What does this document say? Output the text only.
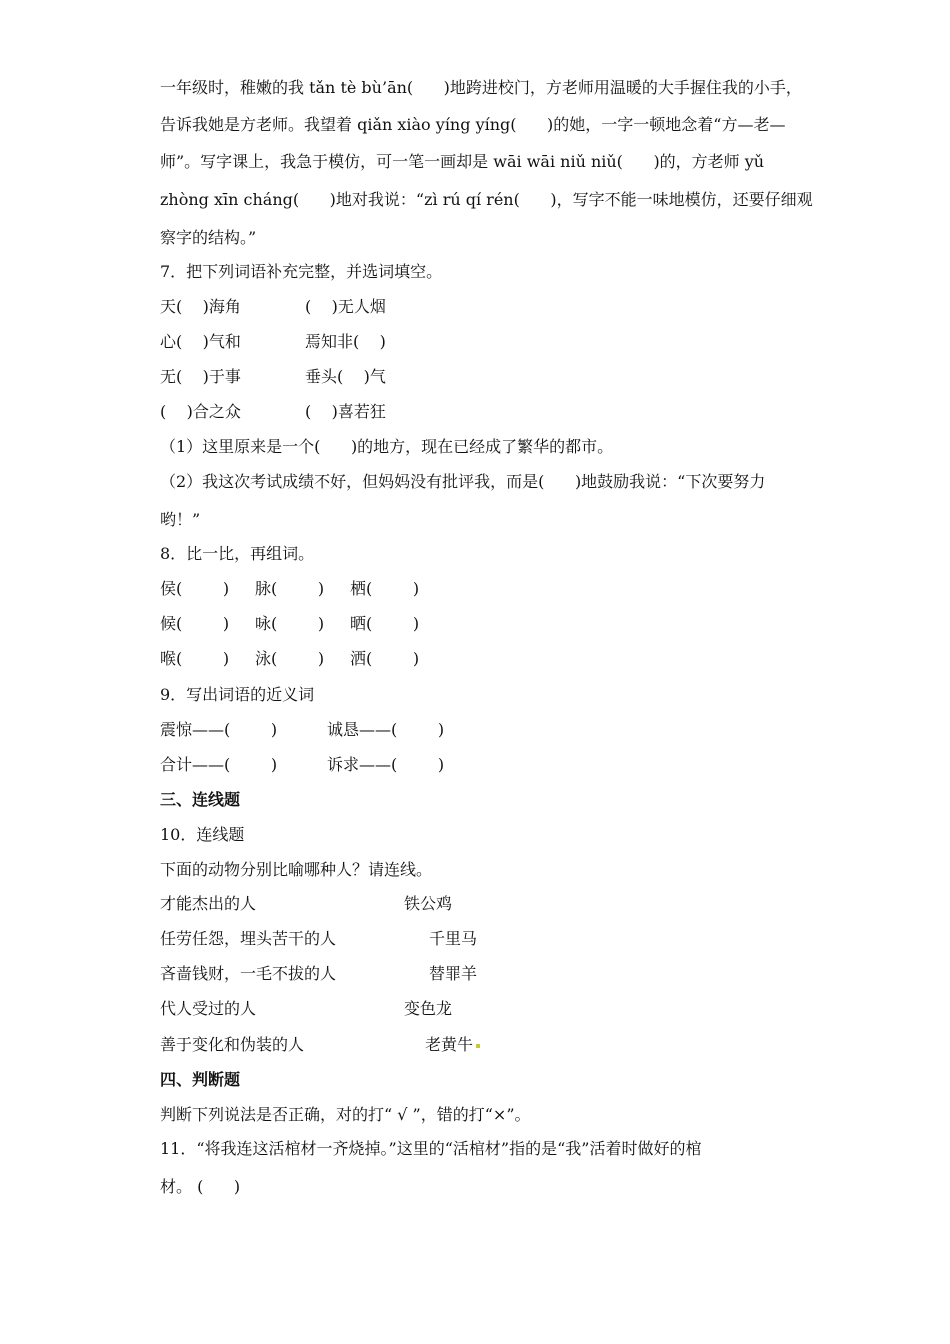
一年级时，稚嫩的我 tǎn tè bù’ān(      )地跨进校门，方老师用温暖的大手握住我的小手，
告诉我她是方老师。我望着 qiǎn xiào yíng yíng(      )的她，一字一顿地念着“方—老—
师”。写字课上，我急于模仿，可一笔一画却是 wāi wāi niǔ niǔ(      )的，方老师 yǔ
zhòng xīn cháng(      )地对我说：“zì rú qí rén(      )，写字不能一味地模仿，还要仔细观
察字的结构。”
7．把下列词语补充完整，并选词填空。
天(    )海角	(    )无人烟
心(    )气和	焉知非(    )
无(    )于事	垂头(    )气
(    )合之众	(    )喜若狂
（1）这里原来是一个(      )的地方，现在已经成了繁华的都市。
（2）我这次考试成绩不好，但妈妈没有批评我，而是(      )地鼓励我说：“下次要努力
哟！”
8．比一比，再组词。
侯(        ) 脉(        ) 栖(        )
候(        ) 咏(        ) 晒(        )
喉(        ) 泳(        ) 洒(        )
9．写出词语的近义词
震惊——(        )	诚恳——(        )
合计——(        )	诉求——(        )
三、连线题
10．连线题
下面的动物分别比喻哪种人？请连线。
才能杰出的人	铁公鸡
任劳任怨，埋头苦干的人	千里马
吝啬钱财，一毛不拔的人	替罪羊
代人受过的人	变色龙
善于变化和伪装的人	老黄牛
四、判断题
判断下列说法是否正确，对的打“ √ ”，错的打“×”。
11．“将我连这活棺材一齐烧掉。”这里的“活棺材”指的是“我”活着时做好的棺
材。 (      )
